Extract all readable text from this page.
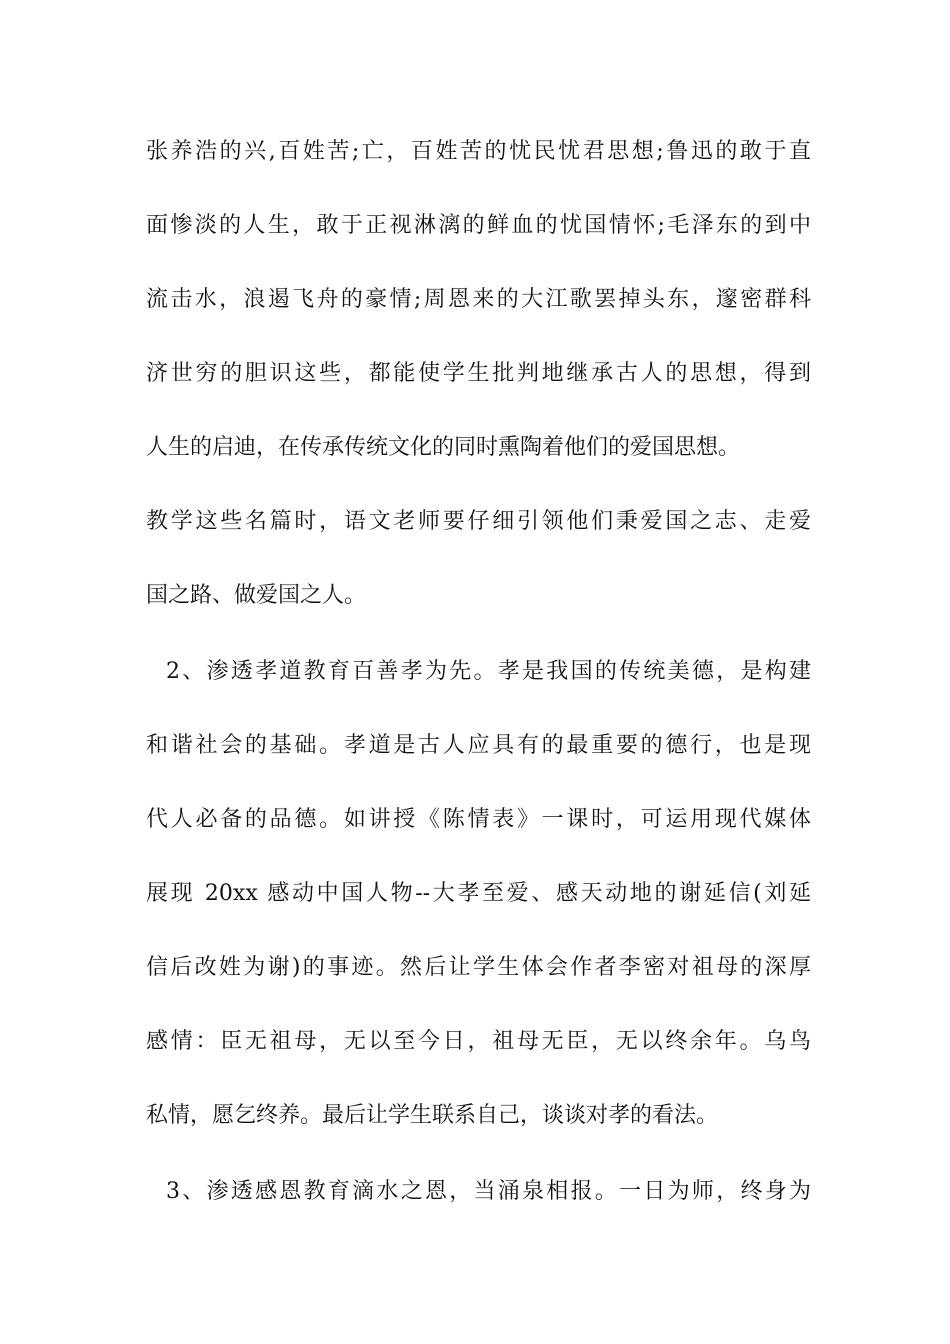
张养浩的兴,百姓苦;亡，百姓苦的忧民忧君思想;鲁迅的敢于直
面惨淡的人生，敢于正视淋漓的鲜血的忧国情怀;毛泽东的到中
流击水，浪遏飞舟的豪情;周恩来的大江歌罢掉头东，邃密群科
济世穷的胆识这些，都能使学生批判地继承古人的思想，得到
人生的启迪，在传承传统文化的同时熏陶着他们的爱国思想。
教学这些名篇时，语文老师要仔细引领他们秉爱国之志、走爱
国之路、做爱国之人。
2、渗透孝道教育百善孝为先。孝是我国的传统美德，是构建
和谐社会的基础。孝道是古人应具有的最重要的德行，也是现
代人必备的品德。如讲授《陈情表》一课时，可运用现代媒体
展现 20xx 感动中国人物--大孝至爱、感天动地的谢延信(刘延
信后改姓为谢)的事迹。然后让学生体会作者李密对祖母的深厚
感情：臣无祖母，无以至今日，祖母无臣，无以终余年。乌鸟
私情，愿乞终养。最后让学生联系自己，谈谈对孝的看法。
3、渗透感恩教育滴水之恩，当涌泉相报。一日为师，终身为
